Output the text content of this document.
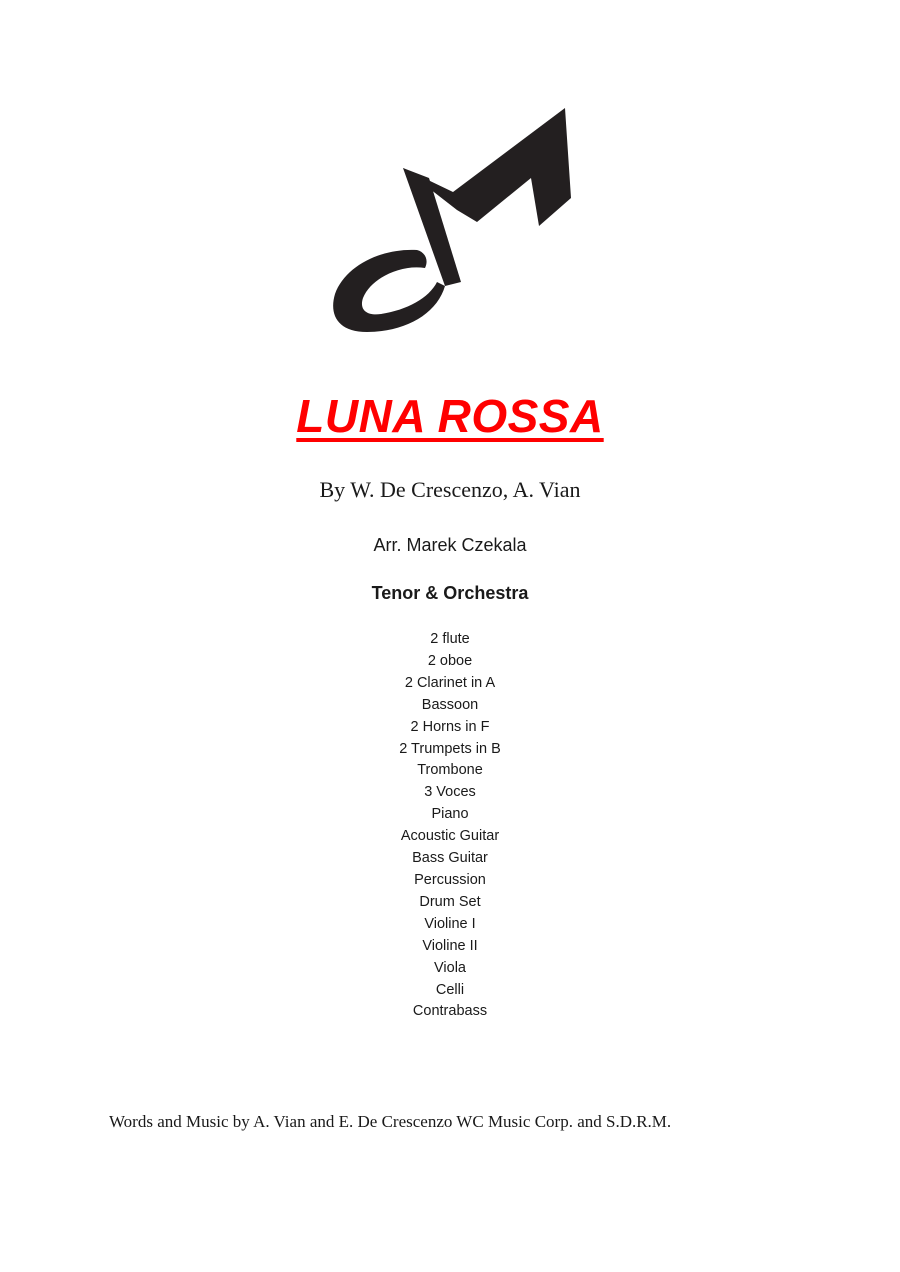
LUNA ROSSA
By W. De Crescenzo, A. Vian
Arr. Marek Czekala
Tenor & Orchestra
2 flute
2 oboe
2 Clarinet in A
Bassoon
2 Horns in F
2 Trumpets in B
Trombone
3 Voces
Piano
Acoustic Guitar
Bass Guitar
Percussion
Drum Set
Violine I
Violine II
Viola
Celli
Contrabass
Words and Music by A. Vian and E. De Crescenzo WC Music Corp. and S.D.R.M.
